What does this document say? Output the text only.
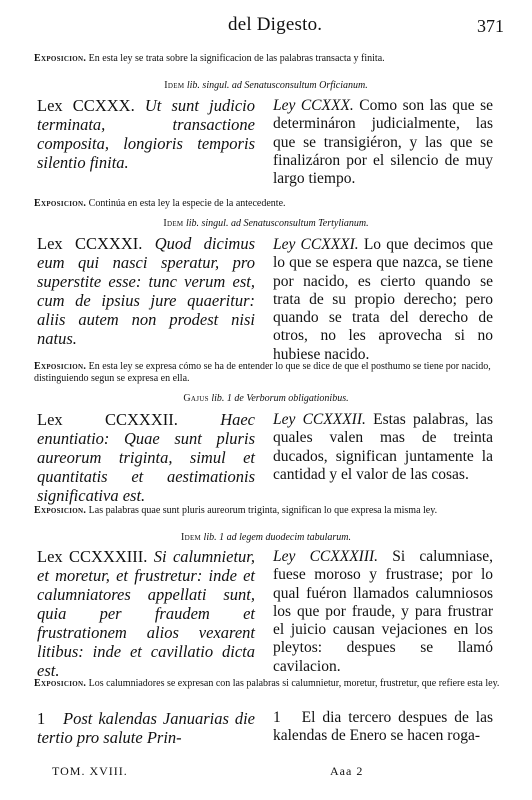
del Digesto.	371
Exposicion. En esta ley se trata sobre la significacion de las palabras transacta y finita.
Idem lib. singul. ad Senatusconsultum Orficianum.
Lex CCXXX. Ut sunt judicio terminata, transactione composita, longioris temporis silentio finita.
Ley CCXXX. Como son las que se determináron judicialmente, las que se transigiéron, y las que se finalizáron por el silencio de muy largo tiempo.
Exposicion. Continúa en esta ley la especie de la antecedente.
Idem lib. singul. ad Senatusconsultum Tertylianum.
Lex CCXXXI. Quod dicimus eum qui nasci speratur, pro superstite esse: tunc verum est, cum de ipsius jure quaeritur: aliis autem non prodest nisi natus.
Ley CCXXXI. Lo que decimos que lo que se espera que nazca, se tiene por nacido, es cierto quando se trata de su propio derecho; pero quando se trata del derecho de otros, no les aprovecha si no hubiese nacido.
Exposicion. En esta ley se expresa cómo se ha de entender lo que se dice de que el posthumo se tiene por nacido, distinguiendo segun se expresa en ella.
Gajus lib. 1 de Verborum obligationibus.
Lex CCXXXII.	Haec enuntiatio: Quae sunt pluris aureorum triginta, simul et quantitatis et aestimationis significativa est.
Ley CCXXXII. Estas palabras, las quales valen mas de treinta ducados, significan juntamente la cantidad y el valor de las cosas.
Exposicion. Las palabras quae sunt pluris aureorum triginta, significan lo que expresa la misma ley.
Idem lib. 1 ad legem duodecim tabularum.
Lex CCXXXIII. Si calumnietur, et moretur, et frustretur: inde et calumniatores appellati sunt, quia per fraudem et frustrationem alios vexarent litibus: inde et cavillatio dicta est.
Ley CCXXXIII. Si calumniase, fuese moroso y frustrase; por lo qual fuéron llamados calumniosos los que por fraude, y para frustrar el juicio causan vejaciones en los pleytos: despues se llamó cavilacion.
Exposicion. Los calumniadores se expresan con las palabras si calumnietur, moretur, frustretur, que refiere esta ley.
1 Post kalendas Januarias die tertio pro salute Prin-
1 El dia tercero despues de las kalendas de Enero se hacen roga-
TOM. XVIII.	Aaa 2
